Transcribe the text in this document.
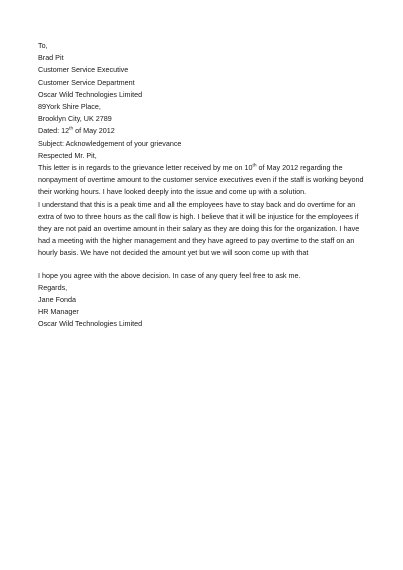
To,
Brad Pit
Customer Service Executive
Customer Service Department
Oscar Wild Technologies Limited
89York Shire Place,
Brooklyn City, UK 2789
Dated: 12th of May 2012
Subject: Acknowledgement of your grievance
Respected Mr. Pit,
This letter is in regards to the grievance letter received by me on 10th of May 2012 regarding the nonpayment of overtime amount to the customer service executives even if the staff is working beyond their working hours. I have looked deeply into the issue and come up with a solution.
I understand that this is a peak time and all the employees have to stay back and do overtime for an extra of two to three hours as the call flow is high. I believe that it will be injustice for the employees if they are not paid an overtime amount in their salary as they are doing this for the organization. I have had a meeting with the higher management and they have agreed to pay overtime to the staff on an hourly basis. We have not decided the amount yet but we will soon come up with that
I hope you agree with the above decision. In case of any query feel free to ask me.
Regards,
Jane Fonda
HR Manager
Oscar Wild Technologies Limited
